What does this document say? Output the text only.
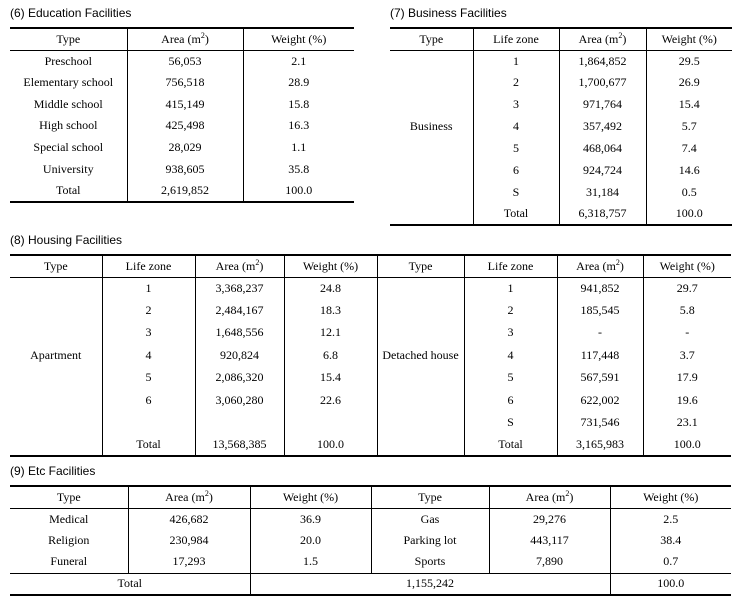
(6) Education Facilities
Type	Area $(m^2)$	Weight (%)
Preschool	56,053	2.1
Elementary school	756,518	28.9
Middle school	415,149	15.8
High school	425,498	16.3
Special school	28,029	1.1
University	938,605	35.8
Total	2,619,852	100.0
(7) Business Facilities
Type	Life zone	Area $(m^2)$	Weight (%)
Business	1	1,864,852	29.5
	2	1,700,677	26.9
	3	971,764	15.4
	4	357,492	5.7
	5	468,064	7.4
	6	924,724	14.6
	S	31,184	0.5
	Total	6,318,757	100.0
(8) Housing Facilities
Type	Life zone	Area $(m^2)$	Weight (%)	Type	Life zone	Area $(m^2)$	Weight (%)
Apartment	1	3,368,237	24.8	Detached house	1	941,852	29.7
	2	2,484,167	18.3		2	185,545	5.8
	3	1,648,556	12.1		3	-	-
	4	920,824	6.8		4	117,448	3.7
	5	2,086,320	15.4		5	567,591	17.9
	6	3,060,280	22.6		6	622,002	19.6
					S	731,546	23.1
	Total	13,568,385	100.0		Total	3,165,983	100.0
(9) Etc Facilities
Type	Area $(m^2)$	Weight (%)	Type	Area $(m^2)$	Weight (%)
Medical	426,682	36.9	Gas	29,276	2.5
Religion	230,984	20.0	Parking lot	443,117	38.4
Funeral	17,293	1.5	Sports	7,890	0.7
Total		1,155,242			100.0
